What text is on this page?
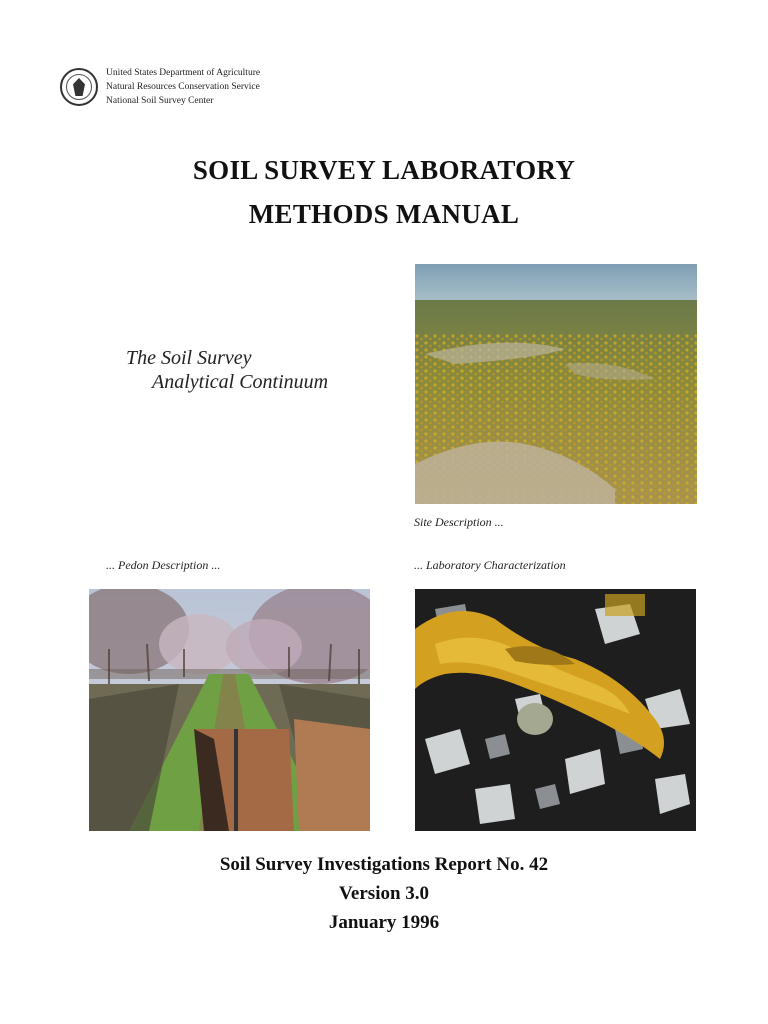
United States Department of Agriculture
Natural Resources Conservation Service
National Soil Survey Center
SOIL SURVEY LABORATORY
METHODS MANUAL
The Soil Survey
Analytical Continuum
Site Description ...
... Pedon Description ...	... Laboratory Characterization
Soil Survey Investigations Report No. 42
Version 3.0
January 1996
